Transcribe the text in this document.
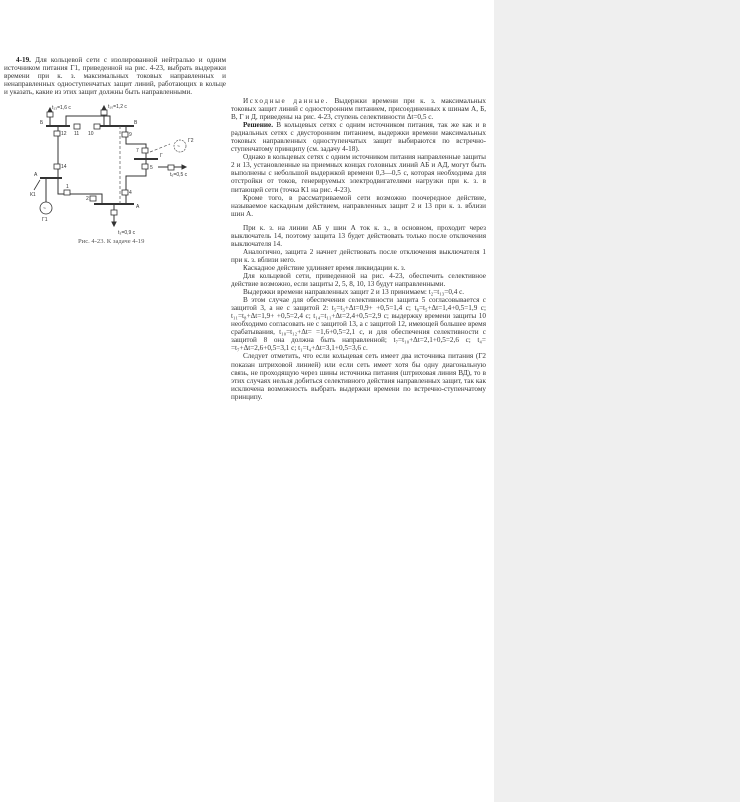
4-19. Для кольцевой сети с изолированной нейтралью и одним источником питания Г1, приведенной на рис. 4-23, выбрать выдержки времени при к. з. максимальных токовых направленных и ненаправленных одноступенчатых защит линий, работающих в кольце и указать, какие из этих защит должны быть направленными.

~
~
t₁₃=1,6 c	t₁₀=1,2 c
t₆=0,5 c
t₃=0,9 c
Б	В
Г
А
A
Г1
Г2
К1
12
14
11 10	9
7
5
4
2
1
Рис. 4-23. К задаче 4-19

Исходные данные. Выдержки времени при к. з. максимальных токовых защит линий с односторонним питанием, присоединенных к шинам А, Б, В, Г и Д, приведены на рис. 4-23, ступень селективности Δt=0,5 с.

Решение. В кольцевых сетях с одним источником питания, так же как и в радиальных сетях с двусторонним питанием, выдержки времени максимальных токовых направленных одноступенчатых защит выбираются по встречно-ступенчатому принципу (см. задачу 4-18).

Однако в кольцевых сетях с одним источником питания направленные защиты 2 и 13, установленные на приемных концах головных линий АБ и АД, могут быть выполнены с небольшой выдержкой времени 0,3—0,5 с, которая необходима для отстройки от токов, генерируемых электродвигателями нагрузки при к. з. в питающей сети (точка К1 на рис. 4-23).

Кроме того, в рассматриваемой сети возможно поочередное действие, называемое каскадным действием, направленных защит 2 и 13 при к. з. вблизи шин А.

При к. з. на линии АБ у шин А ток к. з., в основном, проходит через выключатель 14, поэтому защита 13 будет действовать только после отключения выключателя 14.

Аналогично, защита 2 начнет действовать после отключения выключателя 1 при к. з. вблизи него.

Каскадное действие удлиняет время ликвидации к. з.

Для кольцевой сети, приведенной на рис. 4-23, обеспечить селективное действие возможно, если защиты 2, 5, 8, 10, 13 будут направленными.

Выдержки времени направленных защит 2 и 13 принимаем: t₂=t₁₃=0,4 с.

В этом случае для обеспечения селективности защита 5 согласовывается с защитой 3, а не с защитой 2: t₅=t₃+Δt=0,9+ +0,5=1,4 с; t₈=t₅+Δt=1,4+0,5=1,9 с; t₁₁=t₈+Δt=1,9+ +0,5=2,4 с; t₁₄=t₁₁+Δt=2,4+0,5=2,9 с; выдержку времени защиты 10 необходимо согласовать не с защитой 13, а с защитой 12, имеющей большее время срабатывания, t₁₀=t₁₂+Δt= =1,6+0,5=2,1 с, и для обеспечения селективности с защитой 8 она должна быть направленной; t₇=t₁₀+Δt=2,1+0,5=2,6 с; t₄= =t₇+Δt=2,6+0,5=3,1 с; t₁=t₄+Δt=3,1+0,5=3,6 с.

Следует отметить, что если кольцевая сеть имеет два источника питания (Г2 показан штриховой линией) или если сеть имеет хотя бы одну диагональную связь, не проходящую через шины источника питания (штриховая линия ВД), то в этих случаях нельзя добиться селективного действия направленных защит, так как исключена возможность выбрать выдержки времени по встречно-ступенчатому принципу.
